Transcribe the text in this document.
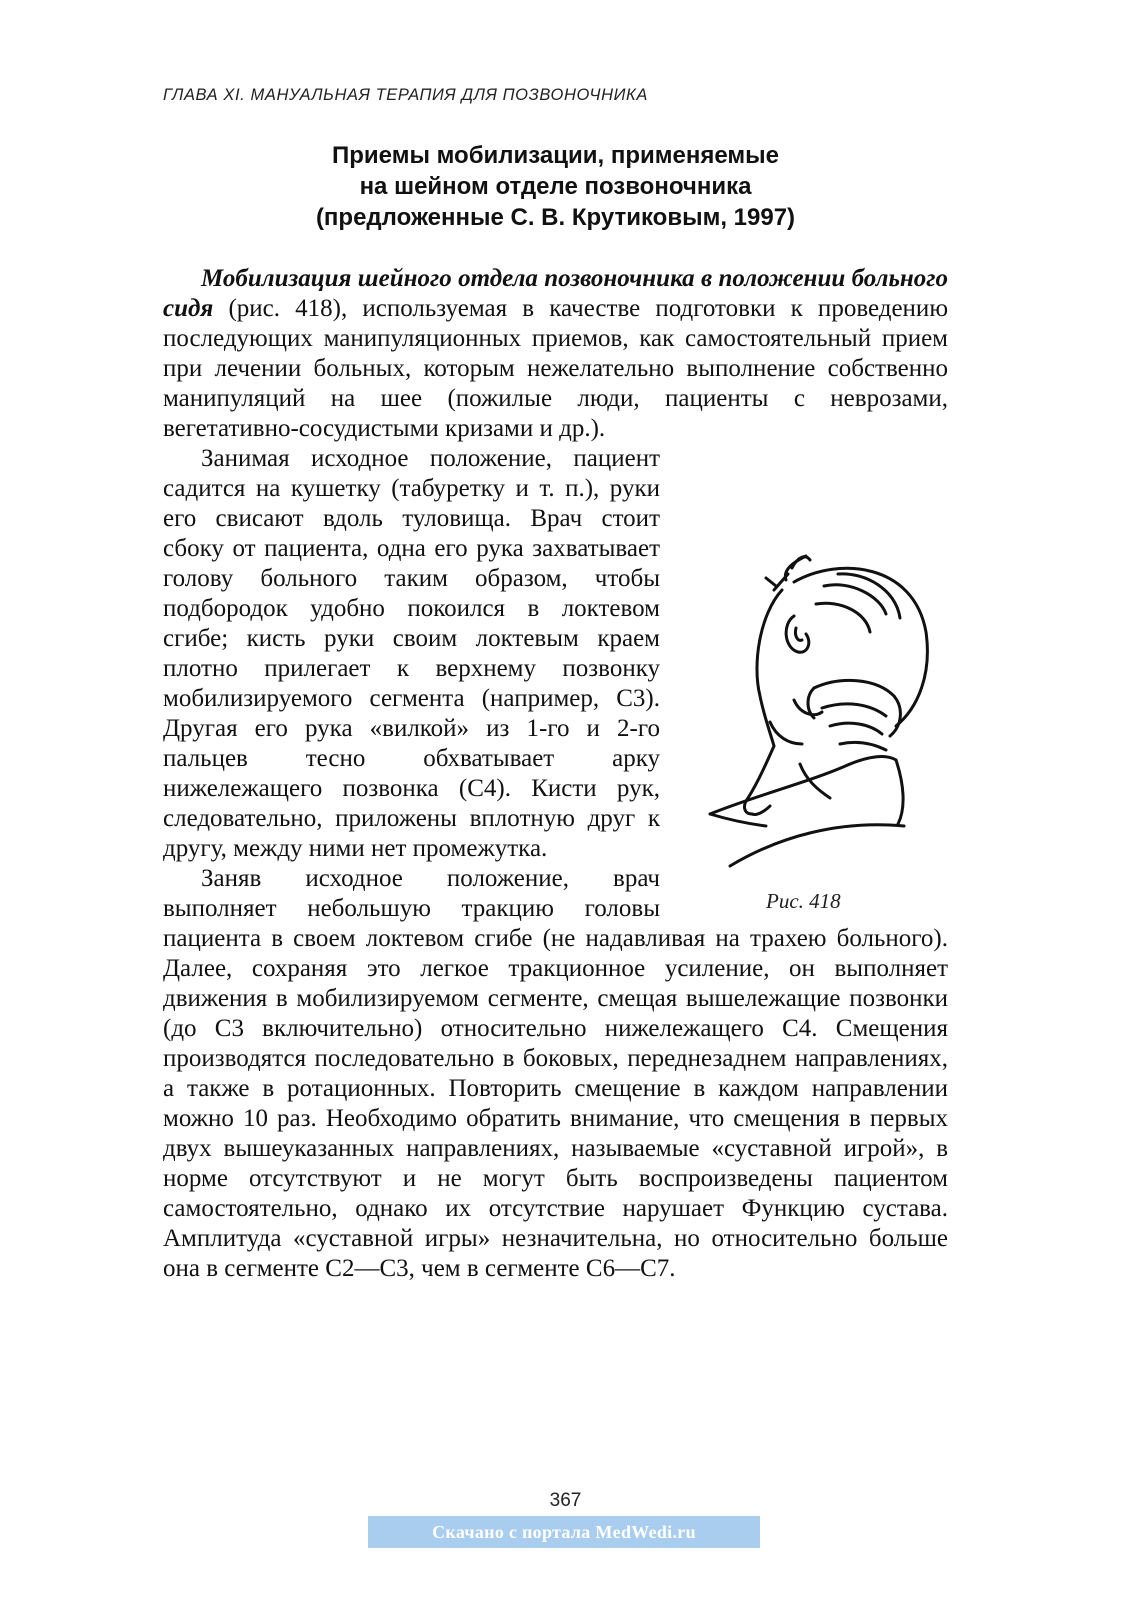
ГЛАВА XI. МАНУАЛЬНАЯ ТЕРАПИЯ ДЛЯ ПОЗВОНОЧНИКА
Приемы мобилизации, применяемые
на шейном отделе позвоночника
(предложенные С. В. Крутиковым, 1997)

Мобилизация шейного отдела позвоночника в положении больного сидя (рис. 418), используемая в качестве подготовки к проведению последующих манипуляционных приемов, как самостоятельный прием при лечении больных, которым нежелательно выполнение собственно манипуляций на шее (пожилые люди, пациенты с неврозами, вегетативно-сосудистыми кризами и др.).

Рис. 418

Занимая исходное положение, пациент садится на кушетку (табуретку и т. п.), руки его свисают вдоль туловища. Врач стоит сбоку от пациента, одна его рука захватывает голову больного таким образом, чтобы подбородок удобно покоился в локтевом сгибе; кисть руки своим локтевым краем плотно прилегает к верхнему позвонку мобилизируемого сегмента (например, С3). Другая его рука «вилкой» из 1-го и 2-го пальцев тесно обхватывает арку нижележащего позвонка (С4). Кисти рук, следовательно, приложены вплотную друг к другу, между ними нет промежутка.

Заняв исходное положение, врач выполняет небольшую тракцию головы пациента в своем локтевом сгибе (не надавливая на трахею больного). Далее, сохраняя это легкое тракционное усиление, он выполняет движения в мобилизируемом сегменте, смещая вышележащие позвонки (до С3 включительно) относительно нижележащего С4. Смещения производятся последовательно в боковых, переднезаднем направлениях, а также в ротационных. Повторить смещение в каждом направлении можно 10 раз. Необходимо обратить внимание, что смещения в первых двух вышеуказанных направлениях, называемые «суставной игрой», в норме отсутствуют и не могут быть воспроизведены пациентом самостоятельно, однако их отсутствие нарушает Функцию сустава. Амплитуда «суставной игры» незначительна, но относительно больше она в сегменте С2—С3, чем в сегменте С6—С7.

367
Скачано с портала MedWedi.ru
